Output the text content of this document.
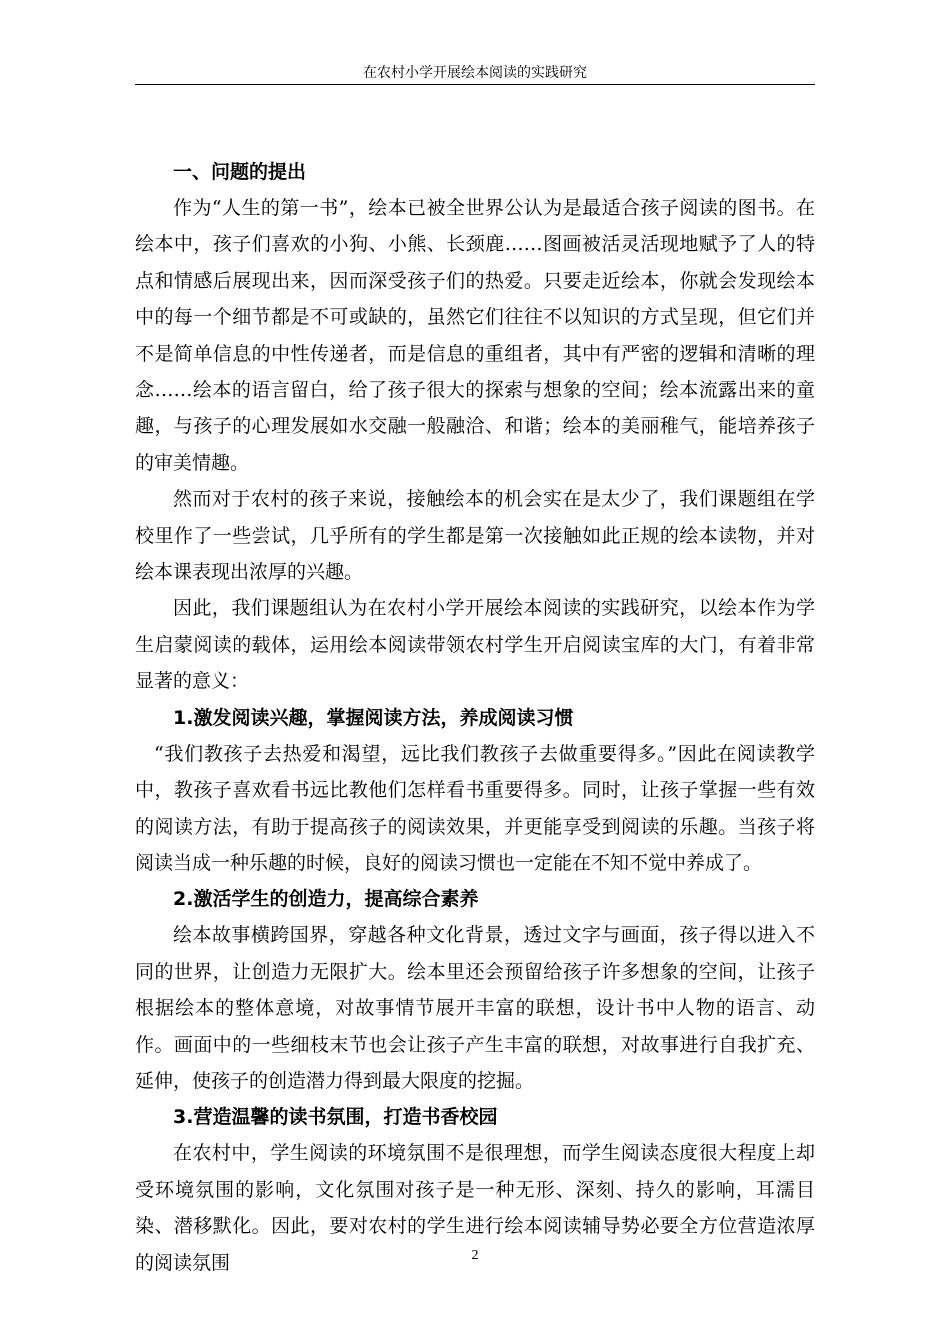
在农村小学开展绘本阅读的实践研究

一、问题的提出

作为“人生的第一书”，绘本已被全世界公认为是最适合孩子阅读的图书。在绘本中，孩子们喜欢的小狗、小熊、长颈鹿……图画被活灵活现地赋予了人的特点和情感后展现出来，因而深受孩子们的热爱。只要走近绘本，你就会发现绘本中的每一个细节都是不可或缺的，虽然它们往往不以知识的方式呈现，但它们并不是简单信息的中性传递者，而是信息的重组者，其中有严密的逻辑和清晰的理念……绘本的语言留白，给了孩子很大的探索与想象的空间；绘本流露出来的童趣，与孩子的心理发展如水交融一般融洽、和谐；绘本的美丽稚气，能培养孩子的审美情趣。

然而对于农村的孩子来说，接触绘本的机会实在是太少了，我们课题组在学校里作了一些尝试，几乎所有的学生都是第一次接触如此正规的绘本读物，并对绘本课表现出浓厚的兴趣。

因此，我们课题组认为在农村小学开展绘本阅读的实践研究，以绘本作为学生启蒙阅读的载体，运用绘本阅读带领农村学生开启阅读宝库的大门，有着非常显著的意义：

1.激发阅读兴趣，掌握阅读方法，养成阅读习惯

“我们教孩子去热爱和渴望，远比我们教孩子去做重要得多。”因此在阅读教学中，教孩子喜欢看书远比教他们怎样看书重要得多。同时，让孩子掌握一些有效的阅读方法，有助于提高孩子的阅读效果，并更能享受到阅读的乐趣。当孩子将阅读当成一种乐趣的时候，良好的阅读习惯也一定能在不知不觉中养成了。

2.激活学生的创造力，提高综合素养

绘本故事横跨国界，穿越各种文化背景，透过文字与画面，孩子得以进入不同的世界，让创造力无限扩大。绘本里还会预留给孩子许多想象的空间，让孩子根据绘本的整体意境，对故事情节展开丰富的联想，设计书中人物的语言、动作。画面中的一些细枝末节也会让孩子产生丰富的联想，对故事进行自我扩充、延伸，使孩子的创造潜力得到最大限度的挖掘。

3.营造温馨的读书氛围，打造书香校园

在农村中，学生阅读的环境氛围不是很理想，而学生阅读态度很大程度上却受环境氛围的影响，文化氛围对孩子是一种无形、深刻、持久的影响，耳濡目染、潜移默化。因此，要对农村的学生进行绘本阅读辅导势必要全方位营造浓厚的阅读氛围	2
